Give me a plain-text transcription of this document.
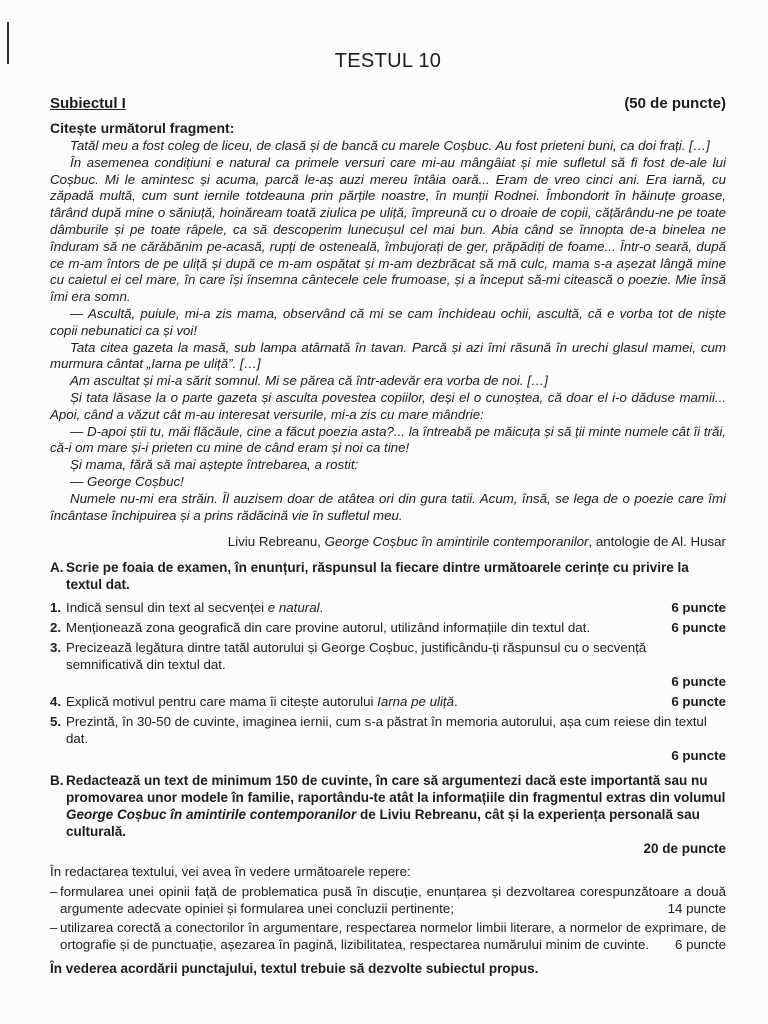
TESTUL 10
Subiectul I	(50 de puncte)
Citește următorul fragment:

Tatăl meu a fost coleg de liceu, de clasă și de bancă cu marele Coșbuc. Au fost prieteni buni, ca doi frați. […]

În asemenea condițiuni e natural ca primele versuri care mi-au mângâiat și mie sufletul să fi fost de-ale lui Coșbuc. Mi le amintesc și acuma, parcă le-aș auzi mereu întâia oară... Eram de vreo cinci ani. Era iarnă, cu zăpadă multă, cum sunt iernile totdeauna prin părțile noastre, în munții Rodnei. Îmbondorit în hăinuțe groase, târând după mine o săniuță, hoinăream toată ziulica pe uliță, împreună cu o droaie de copii, cățărându-ne pe toate dâmburile și pe toate râpele, ca să descoperim lunecușul cel mai bun. Abia când se înnopta de-a binelea ne înduram să ne cărăbănim pe-acasă, rupți de osteneală, îmbujorați de ger, prăpădiți de foame... Într-o seară, după ce m-am întors de pe uliță și după ce m-am ospătat și m-am dezbrăcat să mă culc, mama s-a așezat lângă mine cu caietul ei cel mare, în care își însemna cântecele cele frumoase, și a început să-mi citească o poezie. Mie însă îmi era somn.

— Ascultă, puiule, mi-a zis mama, observând că mi se cam închideau ochii, ascultă, că e vorba tot de niște copii nebunatici ca și voi!

Tata citea gazeta la masă, sub lampa atârnată în tavan. Parcă și azi îmi răsună în urechi glasul mamei, cum murmura cântat „Iarna pe uliță”. […]

Am ascultat și mi-a sărit somnul. Mi se părea că într-adevăr era vorba de noi. […]

Și tata lăsase la o parte gazeta și asculta povestea copiilor, deși el o cunoștea, că doar el i-o dăduse mamii... Apoi, când a văzut cât m-au interesat versurile, mi-a zis cu mare mândrie:

— D-apoi știi tu, măi flăcăule, cine a făcut poezia asta?... la întreabă pe măicuța și să ții minte numele cât îi trăi, că-i om mare și-i prieten cu mine de când eram și noi ca tine!

Și mama, fără să mai aștepte întrebarea, a rostit:

— George Coșbuc!

Numele nu-mi era străin. Îl auzisem doar de atâtea ori din gura tatii. Acum, însă, se lega de o poezie care îmi încântase închipuirea și a prins rădăcină vie în sufletul meu.

Liviu Rebreanu, George Coșbuc în amintirile contemporanilor, antologie de Al. Husar
A. Scrie pe foaia de examen, în enunțuri, răspunsul la fiecare dintre următoarele cerințe cu privire la textul dat.
1.	6 puncte
Indică sensul din text al secvenței e natural.
2.	6 puncte
Menționează zona geografică din care provine autorul, utilizând informațiile din textul dat.
3. Precizează legătura dintre tatăl autorului și George Coșbuc, justificându-ți răspunsul cu o secvență semnificativă din textul dat.
6 puncte
4.	6 puncte
Explică motivul pentru care mama îi citește autorului Iarna pe uliță.
5. Prezintă, în 30-50 de cuvinte, imaginea iernii, cum s-a păstrat în memoria autorului, așa cum reiese din textul dat.
6 puncte
B. Redactează un text de minimum 150 de cuvinte, în care să argumentezi dacă este importantă sau nu promovarea unor modele în familie, raportându-te atât la informațiile din fragmentul extras din volumul George Coșbuc în amintirile contemporanilor de Liviu Rebreanu, cât și la experiența personală sau culturală.
20 de puncte
În redactarea textului, vei avea în vedere următoarele repere:
– formularea unei opinii față de problematica pusă în discuție, enunțarea și dezvoltarea corespunzătoare a două argumente adecvate opiniei și formularea unei concluzii pertinente;	14 puncte
– utilizarea corectă a conectorilor în argumentare, respectarea normelor limbii literare, a normelor de exprimare, de ortografie și de punctuație, așezarea în pagină, lizibilitatea, respectarea numărului minim de cuvinte. 6 puncte
În vederea acordării punctajului, textul trebuie să dezvolte subiectul propus.
